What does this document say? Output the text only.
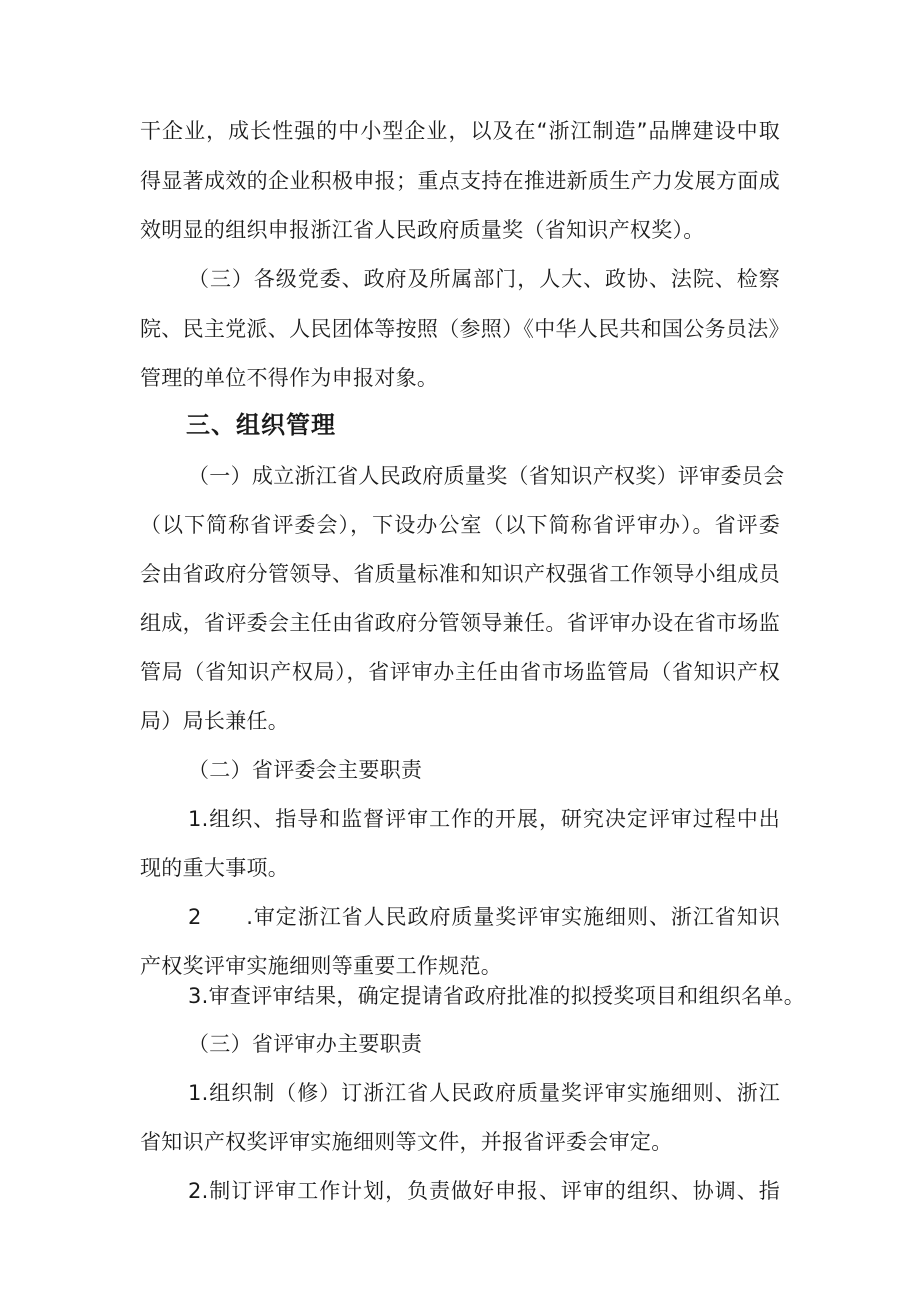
干企业，成长性强的中小型企业，以及在“浙江制造”品牌建设中取
得显著成效的企业积极申报；重点支持在推进新质生产力发展方面成
效明显的组织申报浙江省人民政府质量奖（省知识产权奖）。
（三）各级党委、政府及所属部门，人大、政协、法院、检察
院、民主党派、人民团体等按照（参照）《中华人民共和国公务员法》
管理的单位不得作为申报对象。
三、组织管理
（一）成立浙江省人民政府质量奖（省知识产权奖）评审委员会
（以下简称省评委会），下设办公室（以下简称省评审办）。省评委
会由省政府分管领导、省质量标准和知识产权强省工作领导小组成员
组成，省评委会主任由省政府分管领导兼任。省评审办设在省市场监
管局（省知识产权局），省评审办主任由省市场监管局（省知识产权
局）局长兼任。
（二）省评委会主要职责
1.组织、指导和监督评审工作的开展，研究决定评审过程中出
现的重大事项。
2　　.审定浙江省人民政府质量奖评审实施细则、浙江省知识
产权奖评审实施细则等重要工作规范。
3.审查评审结果，确定提请省政府批准的拟授奖项目和组织名单。
（三）省评审办主要职责
1.组织制（修）订浙江省人民政府质量奖评审实施细则、浙江
省知识产权奖评审实施细则等文件，并报省评委会审定。
2.制订评审工作计划，负责做好申报、评审的组织、协调、指
